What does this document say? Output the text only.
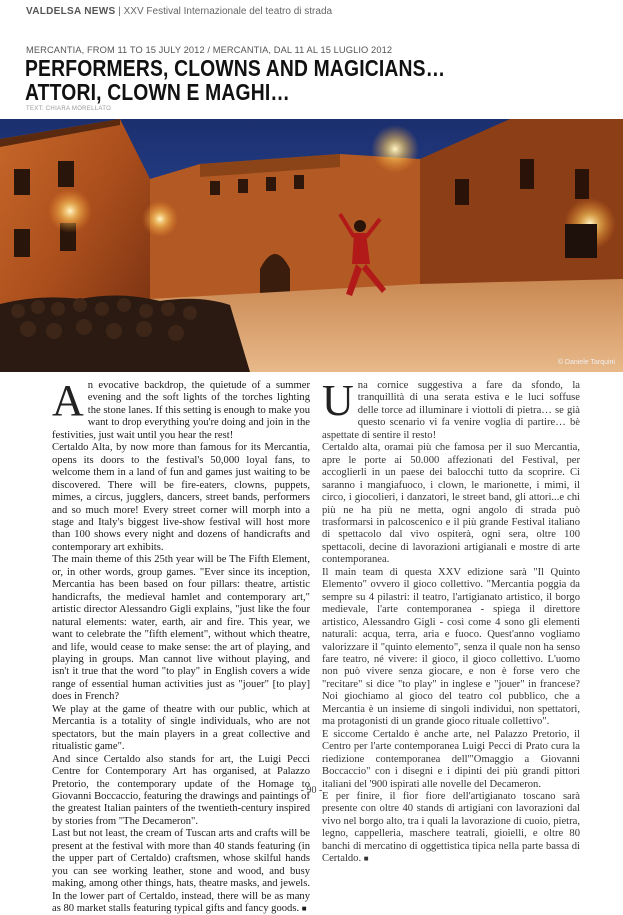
VALDELSA NEWS | XXV Festival Internazionale del teatro di strada
MERCANTIA, FROM 11 TO 15 JULY 2012 / MERCANTIA, DAL 11 AL 15 LUGLIO 2012
PERFORMERS, CLOWNS AND MAGICIANS…
ATTORI, CLOWN E MAGHI…
TEXT: CHIARA MORELLATO
© Daniele Tarquini

An evocative backdrop, the quietude of a summer evening and the soft lights of the torches lighting the stone lanes. If this setting is enough to make you want to drop everything you're doing and join in the festivities, just wait until you hear the rest!

Certaldo Alta, by now more than famous for its Mercantia, opens its doors to the festival's 50,000 loyal fans, to welcome them in a land of fun and games just waiting to be discovered. There will be fire-eaters, clowns, puppets, mimes, a circus, jugglers, dancers, street bands, performers and so much more! Every street corner will morph into a stage and Italy's biggest live-show festival will host more than 100 shows every night and dozens of handicrafts and contemporary art exhibits.

The main theme of this 25th year will be The Fifth Element, or, in other words, group games. "Ever since its inception, Mercantia has been based on four pillars: theatre, artistic handicrafts, the medieval hamlet and contemporary art," artistic director Alessandro Gigli explains, "just like the four natural elements: water, earth, air and fire. This year, we want to celebrate the "fifth element", without which theatre, and life, would cease to make sense: the art of playing, and playing in groups. Man cannot live without playing, and isn't it true that the word "to play" in English covers a wide range of essential human activities just as "jouer" [to play] does in French?

We play at the game of theatre with our public, which at Mercantia is a totality of single individuals, who are not spectators, but the main players in a great collective and ritualistic game".

And since Certaldo also stands for art, the Luigi Pecci Centre for Contemporary Art has organised, at Palazzo Pretorio, the contemporary update of the Homage to Giovanni Boccaccio, featuring the drawings and paintings of the greatest Italian painters of the twentieth-century inspired by stories from "The Decameron".

Last but not least, the cream of Tuscan arts and crafts will be present at the festival with more than 40 stands featuring (in the upper part of Certaldo) craftsmen, whose skilful hands you can see working leather, stone and wood, and busy making, among other things, hats, theatre masks, and jewels. In the lower part of Certaldo, instead, there will be as many as 80 market stalls featuring typical gifts and fancy goods. ■

Una cornice suggestiva a fare da sfondo, la tranquillità di una serata estiva e le luci soffuse delle torce ad illuminare i viottoli di pietra… se già questo scenario vi fa venire voglia di partire… bè aspettate di sentire il resto!

Certaldo alta, oramai più che famosa per il suo Mercantia, apre le porte ai 50.000 affezionati del Festival, per accoglierli in un paese dei balocchi tutto da scoprire. Ci saranno i mangiafuoco, i clown, le marionette, i mimi, il circo, i giocolieri, i danzatori, le street band, gli attori...e chi più ne ha più ne metta, ogni angolo di strada può trasformarsi in palcoscenico e il più grande Festival italiano di spettacolo dal vivo ospiterà, ogni sera, oltre 100 spettacoli, decine di lavorazioni artigianali e mostre di arte contemporanea.

Il main team di questa XXV edizione sarà "Il Quinto Elemento" ovvero il gioco collettivo. "Mercantia poggia da sempre su 4 pilastri: il teatro, l'artigianato artistico, il borgo medievale, l'arte contemporanea - spiega il direttore artistico, Alessandro Gigli - così come 4 sono gli elementi naturali: acqua, terra, aria e fuoco. Quest'anno vogliamo valorizzare il "quinto elemento", senza il quale non ha senso fare teatro, né vivere: il gioco, il gioco collettivo. L'uomo non può vivere senza giocare, e non è forse vero che "recitare" si dice "to play" in inglese e "jouer" in francese? Noi giochiamo al gioco del teatro col pubblico, che a Mercantia è un insieme di singoli individui, non spettatori, ma protagonisti di un grande gioco rituale collettivo".

E siccome Certaldo è anche arte, nel Palazzo Pretorio, il Centro per l'arte contemporanea Luigi Pecci di Prato cura la riedizione contemporanea dell'"Omaggio a Giovanni Boccaccio" con i disegni e i dipinti dei più grandi pittori italiani del '900 ispirati alle novelle del Decameron.

E per finire, il fior fiore dell'artigianato toscano sarà presente con oltre 40 stands di artigiani con lavorazioni dal vivo nel borgo alto, tra i quali la lavorazione di cuoio, pietra, legno, cappelleria, maschere teatrali, gioielli, e oltre 80 banchi di mercatino di oggettistica tipica nella parte bassa di Certaldo. ■

- 90 -
